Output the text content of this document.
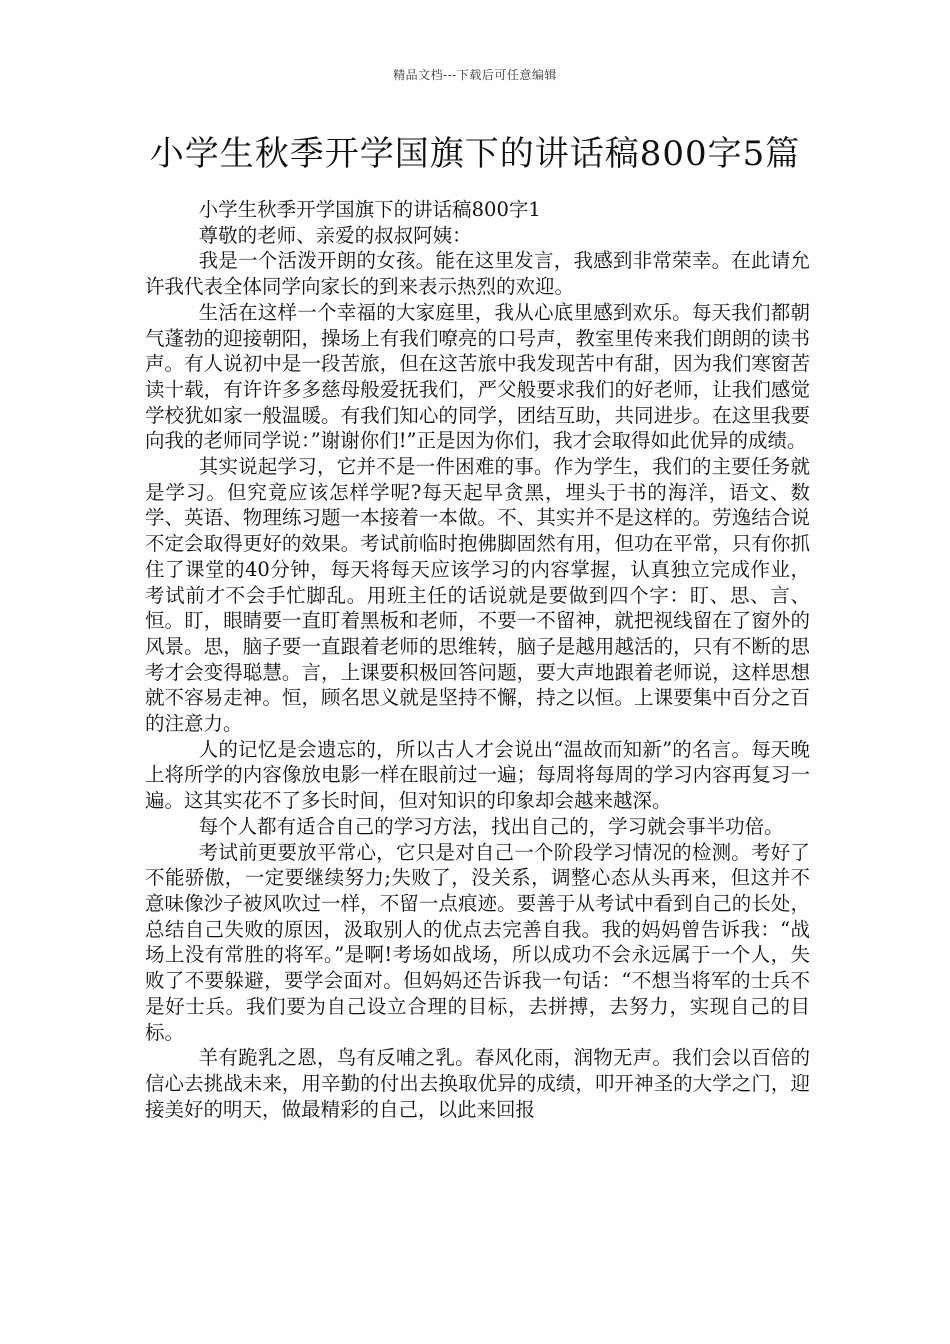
精品文档---下载后可任意编辑
小学生秋季开学国旗下的讲话稿800字5篇

小学生秋季开学国旗下的讲话稿800字1

尊敬的老师、亲爱的叔叔阿姨：

我是一个活泼开朗的女孩。能在这里发言，我感到非常荣幸。在此请允许我代表全体同学向家长的到来表示热烈的欢迎。

生活在这样一个幸福的大家庭里，我从心底里感到欢乐。每天我们都朝气蓬勃的迎接朝阳，操场上有我们嘹亮的口号声，教室里传来我们朗朗的读书声。有人说初中是一段苦旅，但在这苦旅中我发现苦中有甜，因为我们寒窗苦读十载，有许许多多慈母般爱抚我们，严父般要求我们的好老师，让我们感觉学校犹如家一般温暖。有我们知心的同学，团结互助，共同进步。在这里我要向我的老师同学说：”谢谢你们!”正是因为你们，我才会取得如此优异的成绩。

其实说起学习，它并不是一件困难的事。作为学生，我们的主要任务就是学习。但究竟应该怎样学呢?每天起早贪黑，埋头于书的海洋，语文、数学、英语、物理练习题一本接着一本做。不、其实并不是这样的。劳逸结合说不定会取得更好的效果。考试前临时抱佛脚固然有用，但功在平常，只有你抓住了课堂的40分钟，每天将每天应该学习的内容掌握，认真独立完成作业，考试前才不会手忙脚乱。用班主任的话说就是要做到四个字：盯、思、言、恒。盯，眼睛要一直盯着黑板和老师，不要一不留神，就把视线留在了窗外的风景。思，脑子要一直跟着老师的思维转，脑子是越用越活的，只有不断的思考才会变得聪慧。言，上课要积极回答问题，要大声地跟着老师说，这样思想就不容易走神。恒，顾名思义就是坚持不懈，持之以恒。上课要集中百分之百的注意力。

人的记忆是会遗忘的，所以古人才会说出“温故而知新”的名言。每天晚上将所学的内容像放电影一样在眼前过一遍；每周将每周的学习内容再复习一遍。这其实花不了多长时间，但对知识的印象却会越来越深。

每个人都有适合自己的学习方法，找出自己的，学习就会事半功倍。

考试前更要放平常心，它只是对自己一个阶段学习情况的检测。考好了不能骄傲，一定要继续努力;失败了，没关系，调整心态从头再来，但这并不意味像沙子被风吹过一样，不留一点痕迹。要善于从考试中看到自己的长处，总结自己失败的原因，汲取别人的优点去完善自我。我的妈妈曾告诉我：“战场上没有常胜的将军。”是啊!考场如战场，所以成功不会永远属于一个人，失败了不要躲避，要学会面对。但妈妈还告诉我一句话：“不想当将军的士兵不是好士兵。我们要为自己设立合理的目标，去拼搏，去努力，实现自己的目标。

羊有跪乳之恩，鸟有反哺之乳。春风化雨，润物无声。我们会以百倍的信心去挑战未来，用辛勤的付出去换取优异的成绩，叩开神圣的大学之门，迎接美好的明天，做最精彩的自己，以此来回报
